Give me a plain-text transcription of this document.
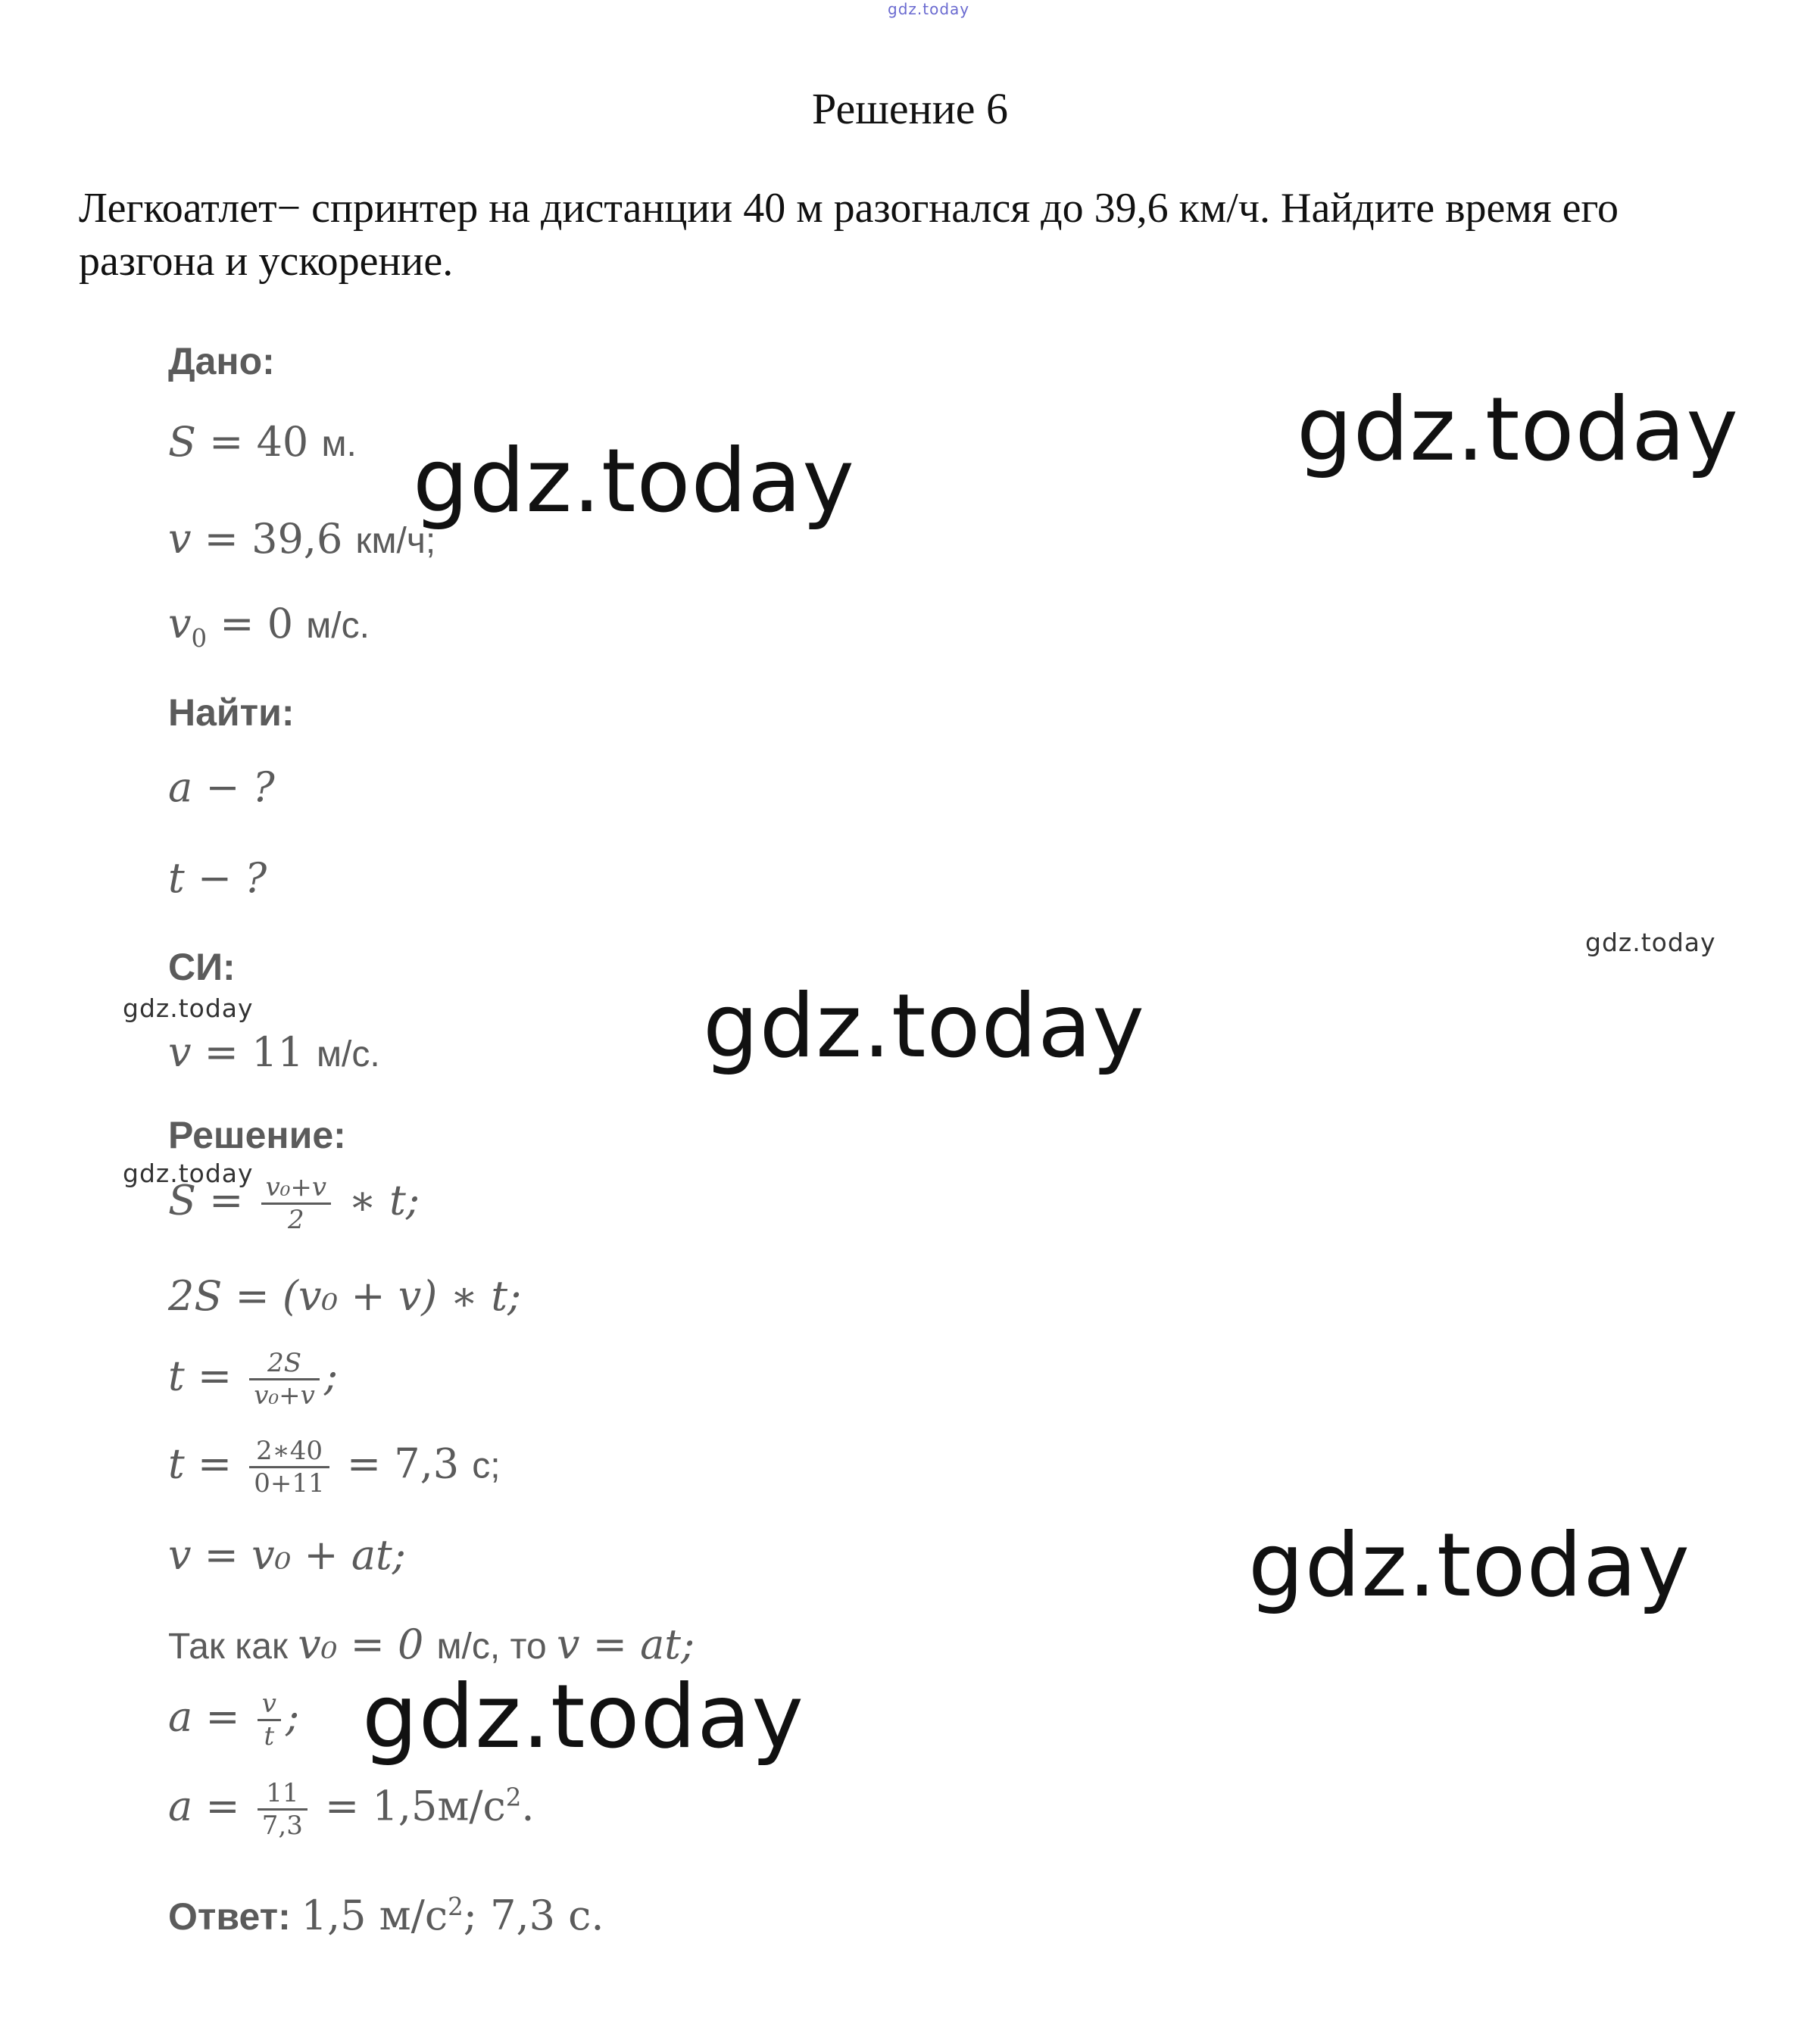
gdz.today
Решение 6
Легкоатлет− спринтер на дистанции 40 м разогнался до 39,6 км/ч. Найдите время его разгона и ускорение.
Дано:
S = 40 м.
v = 39,6 км/ч;
$v_0 = 0$ м/с.
Найти:
a − ?
t − ?
СИ:
v = 11 м/с.
Решение:
$S = \frac{\text{v₀+v}}{2}$ ∗ t;
2S = (v₀ + v) ∗ t;
$t = \frac{2S}{\text{v₀+v}}$ ;
$t = \frac{2∗40}{0+11} = 7,3$ с;
v = v₀ + at;
Так как v₀ = 0 м/с, то v = at;
$a = \frac{v}{t}$ ;
$a = \frac{11}{7,3} = 1,5м/с^2$.
Ответ: 1,5 $м/с^2$; 7,3 с.
gdz.today
gdz.today
gdz.today
gdz.today
gdz.today
gdz.today
gdz.today
gdz.today
